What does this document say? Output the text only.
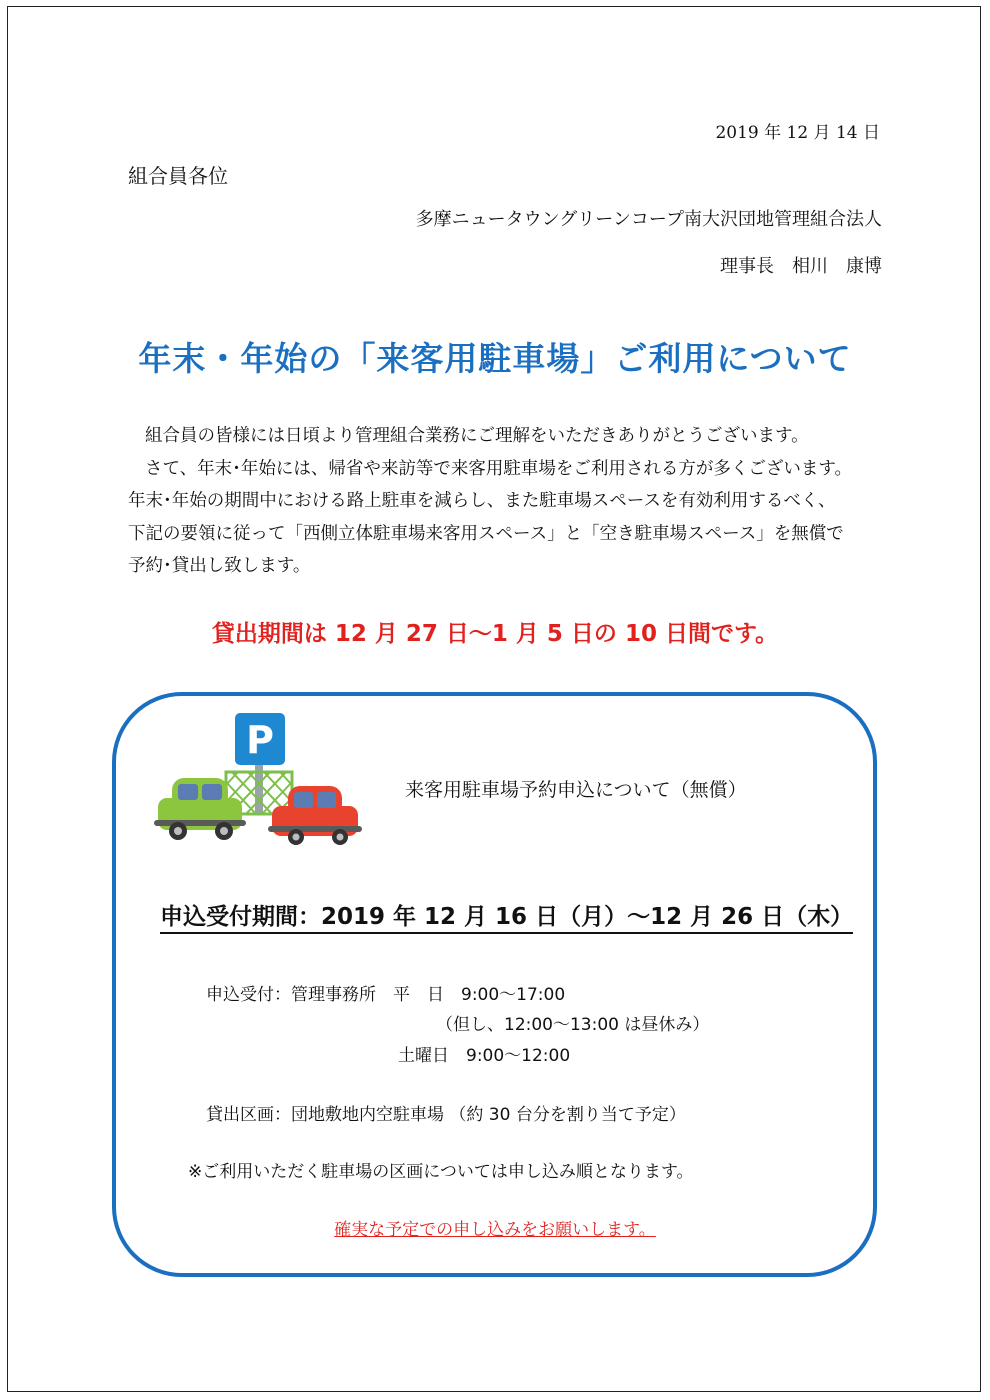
2019 年 12 月 14 日
組合員各位
多摩ニュータウングリーンコープ南大沢団地管理組合法人
理事長　相川　康博
年末・年始の「来客用駐車場」ご利用について

組合員の皆様には日頃より管理組合業務にご理解をいただきありがとうございます。

さて、年末･年始には、帰省や来訪等で来客用駐車場をご利用される方が多くございます。

年末･年始の期間中における路上駐車を減らし、また駐車場スペースを有効利用するべく、

下記の要領に従って「西側立体駐車場来客用スペース」と「空き駐車場スペース」を無償で

予約･貸出し致します。

貸出期間は 12 月 27 日～1 月 5 日の 10 日間です。
P
来客用駐車場予約申込について（無償）
申込受付期間：2019 年 12 月 16 日（月）～12 月 26 日（木）
申込受付：管理事務所　平　日　9:00～17:00
（但し、12:00～13:00 は昼休み）
土曜日　9:00～12:00
貸出区画：団地敷地内空駐車場 （約 30 台分を割り当て予定）
※ご利用いただく駐車場の区画については申し込み順となります。
確実な予定での申し込みをお願いします。
